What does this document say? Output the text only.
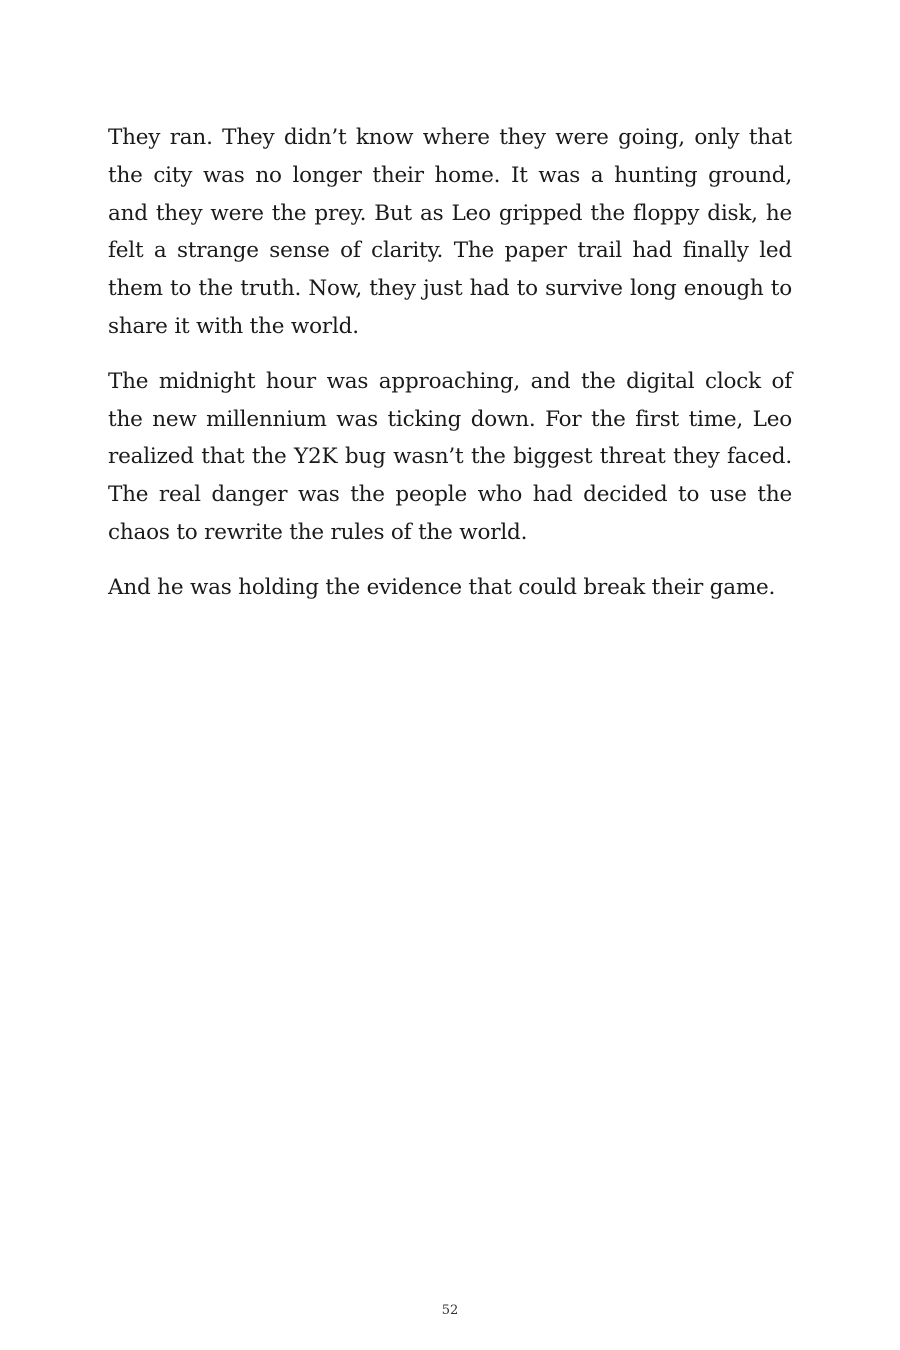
They ran. They didn’t know where they were going, only that the city was no longer their home. It was a hunting ground, and they were the prey. But as Leo gripped the floppy disk, he felt a strange sense of clarity. The paper trail had finally led them to the truth. Now, they just had to survive long enough to share it with the world.

The midnight hour was approaching, and the digital clock of the new millennium was ticking down. For the first time, Leo realized that the Y2K bug wasn’t the biggest threat they faced. The real danger was the people who had decided to use the chaos to rewrite the rules of the world.

And he was holding the evidence that could break their game.

52
